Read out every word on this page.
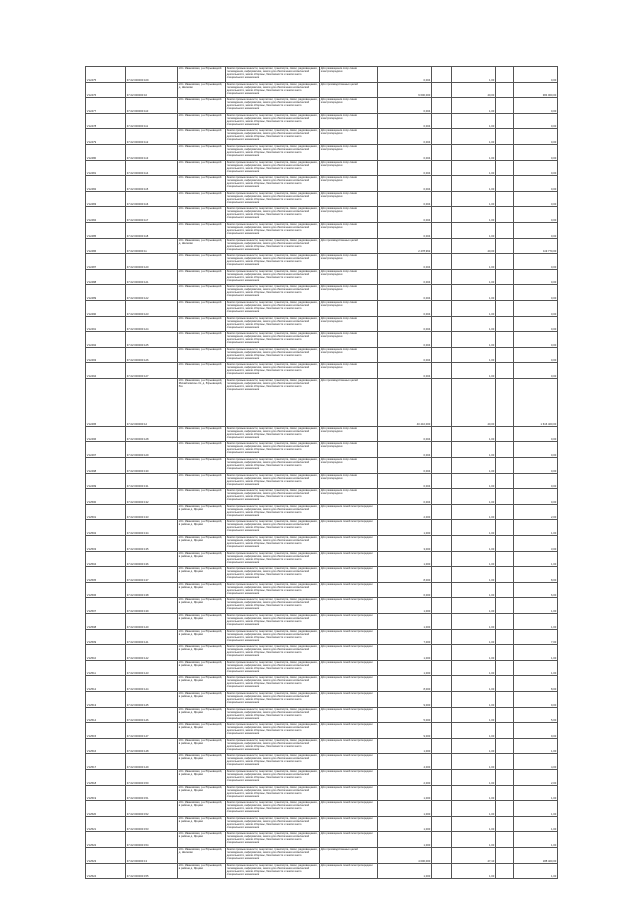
V12475	37:22:000000:109	обл. Ивановская, р-н Юрьевецкий	Земли промышленности, энергетики, транспорта, связи, радиовещания, телевидения, информатики, земли для обеспечения космической деятельности, земли обороны, безопасности и земли иного специального назначения	Для размещения опор линии электропередачи	0,004		1,00		0,00
V12476	37:22:000000:10	обл. Ивановская, р-н Юрьевецкий, д. Шелково	Земли промышленности, энергетики, транспорта, связи, радиовещания, телевидения, информатики, земли для обеспечения космической деятельности, земли обороны, безопасности и земли иного специального назначения	Для производственных целей	9 600,000		40,00		384 000,00
V12477	37:22:000000:110	обл. Ивановская, р-н Юрьевецкий	Земли промышленности, энергетики, транспорта, связи, радиовещания, телевидения, информатики, земли для обеспечения космической деятельности, земли обороны, безопасности и земли иного специального назначения	Для размещения опор линии электропередачи	0,004		1,00		0,00
V12478	37:22:000000:111	обл. Ивановская, р-н Юрьевецкий	Земли промышленности, энергетики, транспорта, связи, радиовещания, телевидения, информатики, земли для обеспечения космической деятельности, земли обороны, безопасности и земли иного специального назначения	Для размещения опор линии электропередачи	0,004		1,00		0,00
V12479	37:22:000000:112	обл. Ивановская, р-н Юрьевецкий	Земли промышленности, энергетики, транспорта, связи, радиовещания, телевидения, информатики, земли для обеспечения космической деятельности, земли обороны, безопасности и земли иного специального назначения	Для размещения опор линии электропередачи	0,004		1,00		0,00
V12480	37:22:000000:113	обл. Ивановская, р-н Юрьевецкий	Земли промышленности, энергетики, транспорта, связи, радиовещания, телевидения, информатики, земли для обеспечения космической деятельности, земли обороны, безопасности и земли иного специального назначения	Для размещения опор линии электропередачи	0,004		1,00		0,00
V12481	37:22:000000:114	обл. Ивановская, р-н Юрьевецкий	Земли промышленности, энергетики, транспорта, связи, радиовещания, телевидения, информатики, земли для обеспечения космической деятельности, земли обороны, безопасности и земли иного специального назначения	Для размещения опор линии электропередачи	0,004		1,00		0,00
V12482	37:22:000000:115	обл. Ивановская, р-н Юрьевецкий	Земли промышленности, энергетики, транспорта, связи, радиовещания, телевидения, информатики, земли для обеспечения космической деятельности, земли обороны, безопасности и земли иного специального назначения	Для размещения опор линии электропередачи	0,004		1,00		0,00
V12483	37:22:000000:116	обл. Ивановская, р-н Юрьевецкий	Земли промышленности, энергетики, транспорта, связи, радиовещания, телевидения, информатики, земли для обеспечения космической деятельности, земли обороны, безопасности и земли иного специального назначения	Для размещения опор линии электропередачи	0,004		1,00		0,00
V12484	37:22:000000:117	обл. Ивановская, р-н Юрьевецкий	Земли промышленности, энергетики, транспорта, связи, радиовещания, телевидения, информатики, земли для обеспечения космической деятельности, земли обороны, безопасности и земли иного специального назначения	Для размещения опор линии электропередачи	0,004		1,00		0,00
V12485	37:22:000000:118	обл. Ивановская, р-н Юрьевецкий	Земли промышленности, энергетики, транспорта, связи, радиовещания, телевидения, информатики, земли для обеспечения космической деятельности, земли обороны, безопасности и земли иного специального назначения	Для размещения опор линии электропередачи	0,004		1,00		0,00
V12486	37:22:000000:11	обл. Ивановская, р-н Юрьевецкий, д. Шелково	Земли промышленности, энергетики, транспорта, связи, радиовещания, телевидения, информатики, земли для обеспечения космической деятельности, земли обороны, безопасности и земли иного специального назначения	Для производственных целей	2 478,962		40,00		119 770,00
V12487	37:22:000000:120	обл. Ивановская, р-н Юрьевецкий	Земли промышленности, энергетики, транспорта, связи, радиовещания, телевидения, информатики, земли для обеспечения космической деятельности, земли обороны, безопасности и земли иного специального назначения	Для размещения опор линии электропередачи	0,004		1,00		0,00
V12488	37:22:000000:121	обл. Ивановская, р-н Юрьевецкий	Земли промышленности, энергетики, транспорта, связи, радиовещания, телевидения, информатики, земли для обеспечения космической деятельности, земли обороны, безопасности и земли иного специального назначения	Для размещения опор линии электропередачи	0,004		1,00		0,00
V12489	37:22:000000:122	обл. Ивановская, р-н Юрьевецкий	Земли промышленности, энергетики, транспорта, связи, радиовещания, телевидения, информатики, земли для обеспечения космической деятельности, земли обороны, безопасности и земли иного специального назначения	Для размещения опор линии электропередачи	0,004		1,00		0,00
V12490	37:22:000000:123	обл. Ивановская, р-н Юрьевецкий	Земли промышленности, энергетики, транспорта, связи, радиовещания, телевидения, информатики, земли для обеспечения космической деятельности, земли обороны, безопасности и земли иного специального назначения	Для размещения опор линии электропередачи	0,004		1,00		0,00
V12491	37:22:000000:124	обл. Ивановская, р-н Юрьевецкий	Земли промышленности, энергетики, транспорта, связи, радиовещания, телевидения, информатики, земли для обеспечения космической деятельности, земли обороны, безопасности и земли иного специального назначения	Для размещения опор линии электропередачи	0,004		1,00		0,00
V12492	37:22:000000:125	обл. Ивановская, р-н Юрьевецкий	Земли промышленности, энергетики, транспорта, связи, радиовещания, телевидения, информатики, земли для обеспечения космической деятельности, земли обороны, безопасности и земли иного специального назначения	Для размещения опор линии электропередачи	0,004		1,00		0,00
V12493	37:22:000000:126	обл. Ивановская, р-н Юрьевецкий	Земли промышленности, энергетики, транспорта, связи, радиовещания, телевидения, информатики, земли для обеспечения космической деятельности, земли обороны, безопасности и земли иного специального назначения	Для размещения опор линии электропередачи	0,004		1,00		0,00
V12494	37:22:000000:127	обл. Ивановская, р-н Юрьевецкий	Земли промышленности, энергетики, транспорта, связи, радиовещания, телевидения, информатики, земли для обеспечения космической деятельности, земли обороны, безопасности и земли иного специального назначения	Для размещения опор линии электропередачи	0,004		1,00		0,00
V12495	37:22:000000:12	обл. Ивановская, р-н Юрьевецкий, Михайловское с/п, д. Юрьевецкий, б/н	Земли промышленности, энергетики, транспорта, связи, радиовещания, телевидения, информатики, земли для обеспечения космической деятельности, земли обороны, безопасности и земли иного специального назначения	Для производственных целей	40 410,000		40,00		1 616 400,00
V12496	37:22:000000:128	обл. Ивановская, р-н Юрьевецкий	Земли промышленности, энергетики, транспорта, связи, радиовещания, телевидения, информатики, земли для обеспечения космической деятельности, земли обороны, безопасности и земли иного специального назначения	Для размещения опор линии электропередачи	0,004		1,00		0,00
V12497	37:22:000000:129	обл. Ивановская, р-н Юрьевецкий	Земли промышленности, энергетики, транспорта, связи, радиовещания, телевидения, информатики, земли для обеспечения космической деятельности, земли обороны, безопасности и земли иного специального назначения	Для размещения опор линии электропередачи	0,004		1,00		0,00
V12498	37:22:000000:130	обл. Ивановская, р-н Юрьевецкий	Земли промышленности, энергетики, транспорта, связи, радиовещания, телевидения, информатики, земли для обеспечения космической деятельности, земли обороны, безопасности и земли иного специального назначения	Для размещения опор линии электропередачи	0,004		1,00		0,00
V12499	37:22:000000:131	обл. Ивановская, р-н Юрьевецкий	Земли промышленности, энергетики, транспорта, связи, радиовещания, телевидения, информатики, земли для обеспечения космической деятельности, земли обороны, безопасности и земли иного специального назначения	Для размещения опор линии электропередачи	0,004		1,00		0,00
V12500	37:22:000000:132	обл. Ивановская, р-н Юрьевецкий	Земли промышленности, энергетики, транспорта, связи, радиовещания, телевидения, информатики, земли для обеспечения космической деятельности, земли обороны, безопасности и земли иного специального назначения	Для размещения опор линии электропередачи	0,004		1,00		0,00
V12501	37:22:000000:133	обл. Ивановская, р-н Юрьевецкий, в районе д. Ярцево	Земли промышленности, энергетики, транспорта, связи, радиовещания, телевидения, информатики, земли для обеспечения космической деятельности, земли обороны, безопасности и земли иного специального назначения	Для размещения линий электропередачи	2,000		1,00		2,00
V12502	37:22:000000:134	обл. Ивановская, р-н Юрьевецкий, в районе д. Ярцево	Земли промышленности, энергетики, транспорта, связи, радиовещания, телевидения, информатики, земли для обеспечения космической деятельности, земли обороны, безопасности и земли иного специального назначения	Для размещения линий электропередачи	1,000		1,00		1,00
V12503	37:22:000000:135	обл. Ивановская, р-н Юрьевецкий, в районе д. Ярцево	Земли промышленности, энергетики, транспорта, связи, радиовещания, телевидения, информатики, земли для обеспечения космической деятельности, земли обороны, безопасности и земли иного специального назначения	Для размещения линий электропередачи	3,000		1,00		3,00
V12504	37:22:000000:136	обл. Ивановская, р-н Юрьевецкий, в районе д. Ярцево	Земли промышленности, энергетики, транспорта, связи, радиовещания, телевидения, информатики, земли для обеспечения космической деятельности, земли обороны, безопасности и земли иного специального назначения	Для размещения линий электропередачи	1,000		1,00		1,00
V12505	37:22:000000:137	обл. Ивановская, р-н Юрьевецкий, в районе д. Ярцево	Земли промышленности, энергетики, транспорта, связи, радиовещания, телевидения, информатики, земли для обеспечения космической деятельности, земли обороны, безопасности и земли иного специального назначения	Для размещения линий электропередачи	8,000		1,00		8,00
V12506	37:22:000000:138	обл. Ивановская, р-н Юрьевецкий, в районе д. Ярцево	Земли промышленности, энергетики, транспорта, связи, радиовещания, телевидения, информатики, земли для обеспечения космической деятельности, земли обороны, безопасности и земли иного специального назначения	Для размещения линий электропередачи	6,000		1,00		6,00
V12507	37:22:000000:139	обл. Ивановская, р-н Юрьевецкий, в районе д. Ярцево	Земли промышленности, энергетики, транспорта, связи, радиовещания, телевидения, информатики, земли для обеспечения космической деятельности, земли обороны, безопасности и земли иного специального назначения	Для размещения линий электропередачи	1,000		1,00		1,00
V12508	37:22:000000:140	обл. Ивановская, р-н Юрьевецкий, в районе д. Ярцево	Земли промышленности, энергетики, транспорта, связи, радиовещания, телевидения, информатики, земли для обеспечения космической деятельности, земли обороны, безопасности и земли иного специального назначения	Для размещения линий электропередачи	1,000		1,00		1,00
V12509	37:22:000000:141	обл. Ивановская, р-н Юрьевецкий, в районе д. Ярцево	Земли промышленности, энергетики, транспорта, связи, радиовещания, телевидения, информатики, земли для обеспечения космической деятельности, земли обороны, безопасности и земли иного специального назначения	Для размещения линий электропередачи	7,000		1,00		7,00
V12510	37:22:000000:142	обл. Ивановская, р-н Юрьевецкий, в районе д. Ярцево	Земли промышленности, энергетики, транспорта, связи, радиовещания, телевидения, информатики, земли для обеспечения космической деятельности, земли обороны, безопасности и земли иного специального назначения	Для размещения линий электропередачи	1,000		1,00		1,00
V12511	37:22:000000:143	обл. Ивановская, р-н Юрьевецкий, в районе д. Ярцево	Земли промышленности, энергетики, транспорта, связи, радиовещания, телевидения, информатики, земли для обеспечения космической деятельности, земли обороны, безопасности и земли иного специального назначения	Для размещения линий электропередачи	1,000		1,00		1,00
V12512	37:22:000000:144	обл. Ивановская, р-н Юрьевецкий, в районе д. Ярцево	Земли промышленности, энергетики, транспорта, связи, радиовещания, телевидения, информатики, земли для обеспечения космической деятельности, земли обороны, безопасности и земли иного специального назначения	Для размещения линий электропередачи	8,000		1,00		8,00
V12513	37:22:000000:145	обл. Ивановская, р-н Юрьевецкий, в районе д. Ярцево	Земли промышленности, энергетики, транспорта, связи, радиовещания, телевидения, информатики, земли для обеспечения космической деятельности, земли обороны, безопасности и земли иного специального назначения	Для размещения линий электропередачи	9,000		1,00		9,00
V12514	37:22:000000:146	обл. Ивановская, р-н Юрьевецкий, в районе д. Ярцево	Земли промышленности, энергетики, транспорта, связи, радиовещания, телевидения, информатики, земли для обеспечения космической деятельности, земли обороны, безопасности и земли иного специального назначения	Для размещения линий электропередачи	5,000		1,00		5,00
V12515	37:22:000000:147	обл. Ивановская, р-н Юрьевецкий, в районе д. Ярцево	Земли промышленности, энергетики, транспорта, связи, радиовещания, телевидения, информатики, земли для обеспечения космической деятельности, земли обороны, безопасности и земли иного специального назначения	Для размещения линий электропередачи	9,000		1,00		9,00
V12516	37:22:000000:148	обл. Ивановская, р-н Юрьевецкий, в районе д. Ярцево	Земли промышленности, энергетики, транспорта, связи, радиовещания, телевидения, информатики, земли для обеспечения космической деятельности, земли обороны, безопасности и земли иного специального назначения	Для размещения линий электропередачи	1,000		1,00		1,00
V12517	37:22:000000:149	обл. Ивановская, р-н Юрьевецкий, в районе д. Ярцево	Земли промышленности, энергетики, транспорта, связи, радиовещания, телевидения, информатики, земли для обеспечения космической деятельности, земли обороны, безопасности и земли иного специального назначения	Для размещения линий электропередачи	4,000		1,00		4,00
V12518	37:22:000000:150	обл. Ивановская, р-н Юрьевецкий, в районе д. Ярцево	Земли промышленности, энергетики, транспорта, связи, радиовещания, телевидения, информатики, земли для обеспечения космической деятельности, земли обороны, безопасности и земли иного специального назначения	Для размещения линий электропередачи	2,000		1,00		2,00
V12519	37:22:000000:151	обл. Ивановская, р-н Юрьевецкий, в районе д. Ярцево	Земли промышленности, энергетики, транспорта, связи, радиовещания, телевидения, информатики, земли для обеспечения космической деятельности, земли обороны, безопасности и земли иного специального назначения	Для размещения линий электропередачи	1,000		1,00		1,00
V12520	37:22:000000:152	обл. Ивановская, р-н Юрьевецкий, в районе д. Ярцево	Земли промышленности, энергетики, транспорта, связи, радиовещания, телевидения, информатики, земли для обеспечения космической деятельности, земли обороны, безопасности и земли иного специального назначения	Для размещения линий электропередачи	1,000		1,00		1,00
V12521	37:22:000000:153	обл. Ивановская, р-н Юрьевецкий, в районе д. Ярцево	Земли промышленности, энергетики, транспорта, связи, радиовещания, телевидения, информатики, земли для обеспечения космической деятельности, земли обороны, безопасности и земли иного специального назначения	Для размещения линий электропередачи	1,000		1,00		1,00
V12522	37:22:000000:154	обл. Ивановская, р-н Юрьевецкий, в районе д. Ярцево	Земли промышленности, энергетики, транспорта, связи, радиовещания, телевидения, информатики, земли для обеспечения космической деятельности, земли обороны, безопасности и земли иного специального назначения	Для размещения линий электропередачи	1,000		1,00		1,00
V12523	37:22:000000:13	обл. Ивановская, р-н Юрьевецкий, д. Шелково	Земли промышленности, энергетики, транспорта, связи, радиовещания, телевидения, информатики, земли для обеспечения космической деятельности, земли обороны, безопасности и земли иного специального назначения	Для производственных целей	4 000,000		47,10		188 400,00
V12524	37:22:000000:155	обл. Ивановская, р-н Юрьевецкий, в районе д. Ярцево	Земли промышленности, энергетики, транспорта, связи, радиовещания, телевидения, информатики, земли для обеспечения космической деятельности, земли обороны, безопасности и земли иного специального назначения	Для размещения линий электропередачи	1,000		1,00		1,00
